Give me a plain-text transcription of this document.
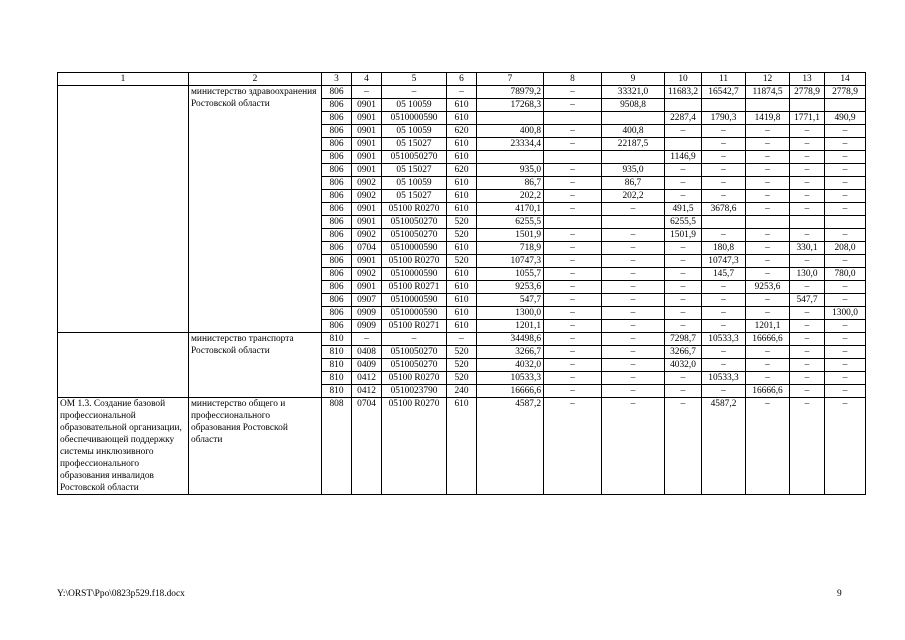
1	2	3	4	5	6	7	8	9	10	11	12	13	14
	министерство здравоохранения Ростовской области	806	–	–	–	78979,2	–	33321,0	11683,2	16542,7	11874,5	2778,9	2778,9
		806	0901	05 10059	610	17268,3	–	9508,8					
		806	0901	0510000590	610				2287,4	1790,3	1419,8	1771,1	490,9
		806	0901	05 10059	620	400,8	–	400,8	–	–	–	–	–
		806	0901	05 15027	610	23334,4	–	22187,5		–	–	–	–
		806	0901	0510050270	610				1146,9	–	–	–	–
		806	0901	05 15027	620	935,0	–	935,0	–	–	–	–	–
		806	0902	05 10059	610	86,7	–	86,7	–	–	–	–	–
		806	0902	05 15027	610	202,2	–	202,2	–	–	–	–	–
		806	0901	05100 R0270	610	4170,1	–	–	491,5	3678,6	–	–	–
		806	0901	0510050270	520	6255,5			6255,5				
		806	0902	0510050270	520	1501,9	–	–	1501,9	–	–	–	–
		806	0704	0510000590	610	718,9	–	–	–	180,8	–	330,1	208,0
		806	0901	05100 R0270	520	10747,3	–	–	–	10747,3	–	–	–
		806	0902	0510000590	610	1055,7	–	–	–	145,7	–	130,0	780,0
		806	0901	05100 R0271	610	9253,6	–	–	–	–	9253,6	–	–
		806	0907	0510000590	610	547,7	–	–	–	–	–	547,7	–
		806	0909	0510000590	610	1300,0	–	–	–	–	–	–	1300,0
		806	0909	05100 R0271	610	1201,1	–	–	–	–	1201,1	–	–
	министерство транспорта Ростовской области	810	–	–	–	34498,6	–	–	7298,7	10533,3	16666,6	–	–
		810	0408	0510050270	520	3266,7	–	–	3266,7	–	–	–	–
		810	0409	0510050270	520	4032,0	–	–	4032,0	–	–	–	–
		810	0412	05100 R0270	520	10533,3	–	–	–	10533,3	–	–	–
		810	0412	0510023790	240	16666,6	–	–	–	–	16666,6	–	–
ОМ 1.3. Создание базовой профессиональной образовательной организации, обеспечивающей поддержку системы инклюзивного профессионального образования инвалидов Ростовской области	министерство общего и профессионального образования Ростовской области	808	0704	05100 R0270	610	4587,2	–	–	–	4587,2	–	–	–
Y:\ORST\Ppo\0823p529.f18.docx	9
